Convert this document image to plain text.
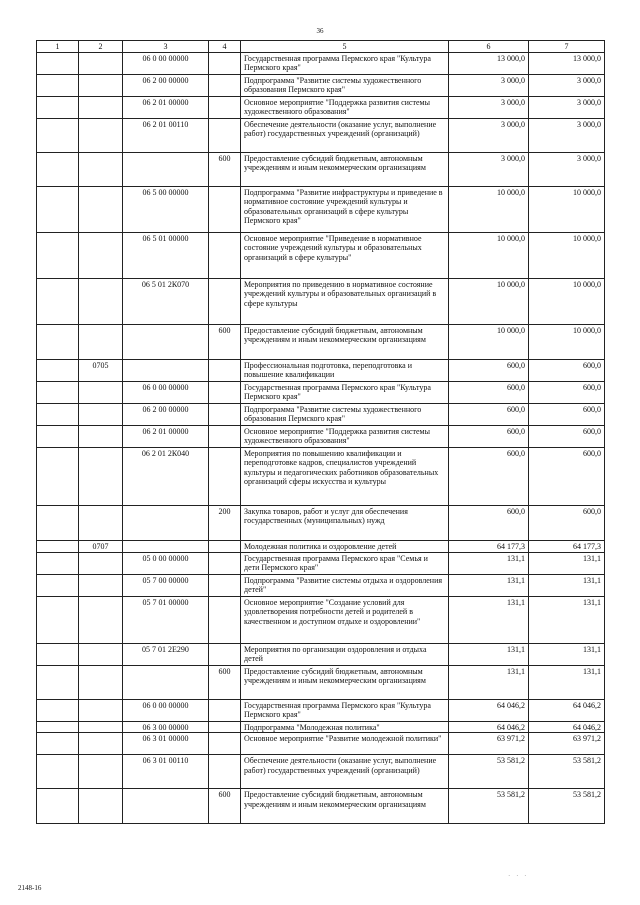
36
1	2	3	4	5	6	7
		06 0 00 00000		Государственная программа Пермского края "Культура Пермского края"	13 000,0	13 000,0
		06 2 00 00000		Подпрограмма "Развитие системы художественного образования Пермского края"	3 000,0	3 000,0
		06 2 01 00000		Основное мероприятие "Поддержка развития системы художественного образования"	3 000,0	3 000,0
		06 2 01 00110		Обеспечение деятельности (оказание услуг, выполнение работ) государственных учреждений (организаций)	3 000,0	3 000,0
			600	Предоставление субсидий бюджетным, автономным учреждениям и иным некоммерческим организациям	3 000,0	3 000,0
		06 5 00 00000		Подпрограмма "Развитие инфраструктуры и приведение в нормативное состояние учреждений культуры и образовательных организаций в сфере культуры Пермского края"	10 000,0	10 000,0
		06 5 01 00000		Основное мероприятие "Приведение в нормативное состояние учреждений культуры и образовательных организаций в сфере культуры"	10 000,0	10 000,0
		06 5 01 2К070		Мероприятия по приведению в нормативное состояние учреждений культуры и образовательных организаций в сфере культуры	10 000,0	10 000,0
			600	Предоставление субсидий бюджетным, автономным учреждениям и иным некоммерческим организациям	10 000,0	10 000,0
	0705			Профессиональная подготовка, переподготовка и повышение квалификации	600,0	600,0
		06 0 00 00000		Государственная программа Пермского края "Культура Пермского края"	600,0	600,0
		06 2 00 00000		Подпрограмма "Развитие системы художественного образования Пермского края"	600,0	600,0
		06 2 01 00000		Основное мероприятие "Поддержка развития системы художественного образования"	600,0	600,0
		06 2 01 2К040		Мероприятия по повышению квалификации и переподготовке кадров, специалистов учреждений культуры и педагогических работников образовательных организаций сферы искусства и культуры	600,0	600,0
			200	Закупка товаров, работ и услуг для обеспечения государственных (муниципальных) нужд	600,0	600,0
	0707			Молодежная политика и оздоровление детей	64 177,3	64 177,3
		05 0 00 00000		Государственная программа Пермского края "Семья и дети Пермского края"	131,1	131,1
		05 7 00 00000		Подпрограмма "Развитие системы отдыха и оздоровления детей"	131,1	131,1
		05 7 01 00000		Основное мероприятие "Создание условий для удовлетворения потребности детей и родителей в качественном и доступном отдыхе и оздоровлении"	131,1	131,1
		05 7 01 2Е290		Мероприятия по организации оздоровления и отдыха детей	131,1	131,1
			600	Предоставление субсидий бюджетным, автономным учреждениям и иным некоммерческим организациям	131,1	131,1
		06 0 00 00000		Государственная программа Пермского края "Культура Пермского края"	64 046,2	64 046,2
		06 3 00 00000		Подпрограмма "Молодежная политика"	64 046,2	64 046,2
		06 3 01 00000		Основное мероприятие "Развитие молодежной политики"	63 971,2	63 971,2
		06 3 01 00110		Обеспечение деятельности (оказание услуг, выполнение работ) государственных учреждений (организаций)	53 581,2	53 581,2
			600	Предоставление субсидий бюджетным, автономным учреждениям и иным некоммерческим организациям	53 581,2	53 581,2
· · ·
2148-16
